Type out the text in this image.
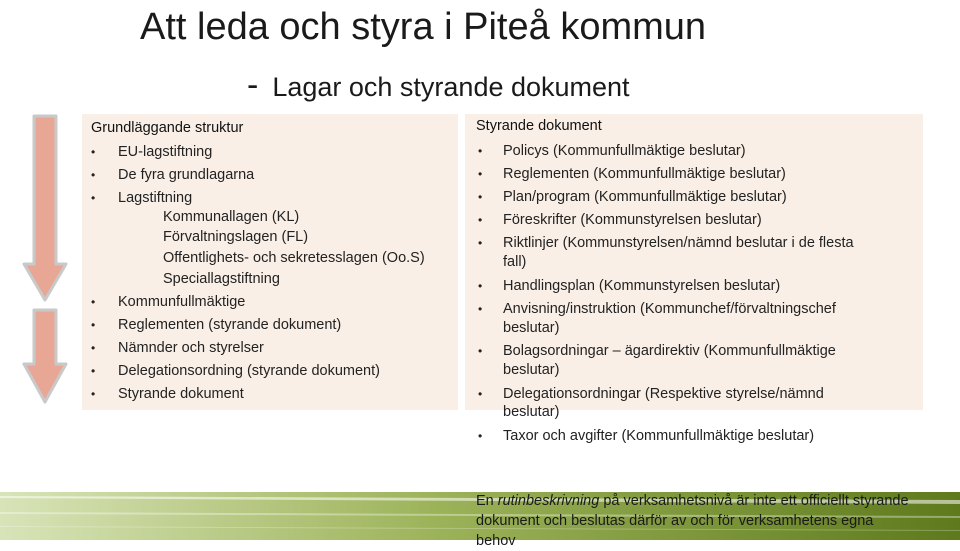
Att leda och styra i Piteå kommun
- Lagar och styrande dokument
Grundläggande struktur
• EU-lagstiftning
• De fyra grundlagarna
• Lagstiftning
Kommunallagen (KL)
Förvaltningslagen (FL)
Offentlighets- och sekretesslagen (Oo.S)
Speciallagstiftning
• Kommunfullmäktige
• Reglementen (styrande dokument)
• Nämnder och styrelser
• Delegationsordning (styrande dokument)
• Styrande dokument
Styrande dokument
• Policys (Kommunfullmäktige beslutar)
• Reglementen (Kommunfullmäktige beslutar)
• Plan/program (Kommunfullmäktige beslutar)
• Föreskrifter (Kommunstyrelsen beslutar)
• Riktlinjer (Kommunstyrelsen/nämnd beslutar i de flesta
fall)
• Handlingsplan (Kommunstyrelsen beslutar)
• Anvisning/instruktion (Kommunchef/förvaltningschef
beslutar)
• Bolagsordningar – ägardirektiv (Kommunfullmäktige
beslutar)
• Delegationsordningar (Respektive styrelse/nämnd
beslutar)
• Taxor och avgifter (Kommunfullmäktige beslutar)
En rutinbeskrivning på verksamhetsnivå är inte ett officiellt styrande dokument och beslutas därför av och för verksamhetens egna behov
